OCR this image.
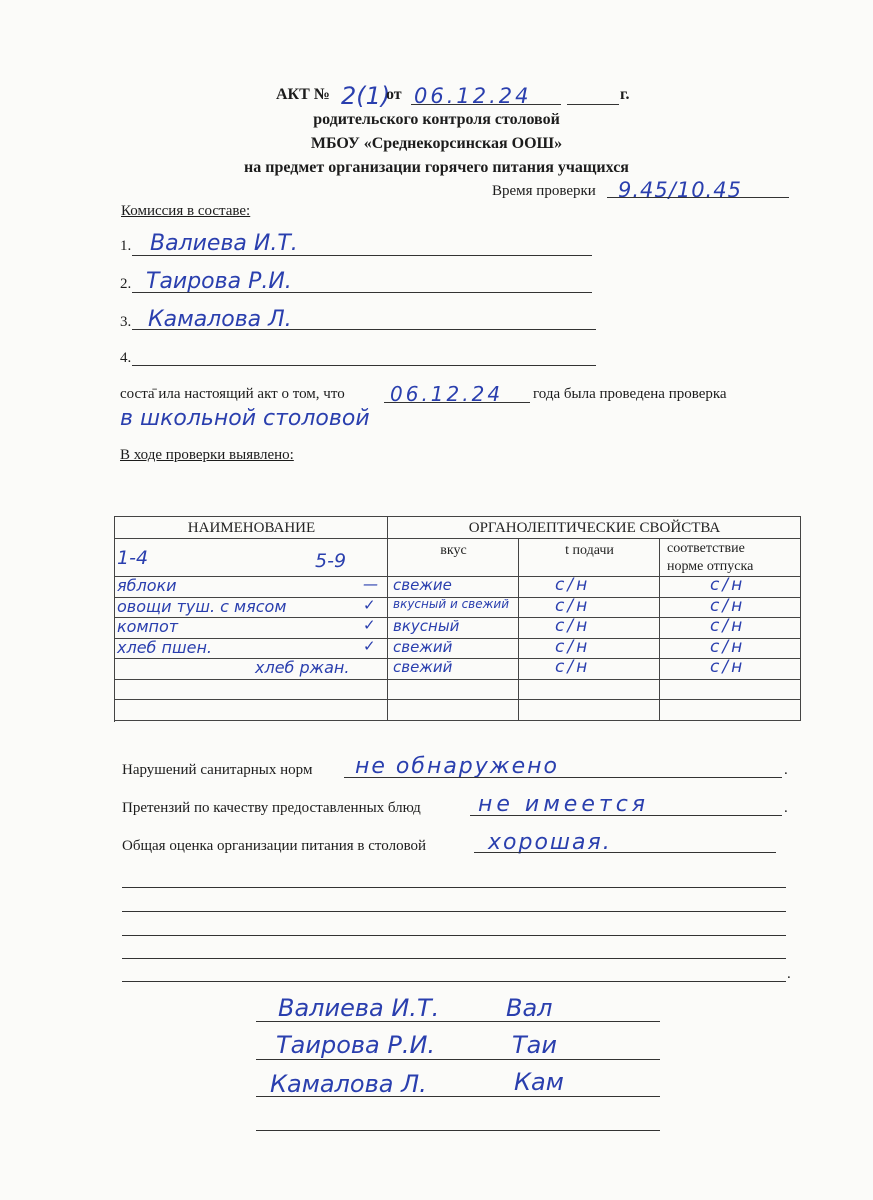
АКТ № 2(1)
от 06.12.24	г.
родительского контроля столовой
МБОУ «Среднекорсинская ООШ»
на предмет организации горячего питания учащихся
Время проверки 9.45/10.45
Комиссия в составе:
1. Валиева И.Т.
2. Таирова Р.И.
3. Камалова Л.
4.
соста̄ ила настоящий акт о том, что 06.12.24 года была проведена проверка
в школьной столовой
В ходе проверки выявлено:
НАИМЕНОВАНИЕ	ОРГАНОЛЕПТИЧЕСКИЕ СВОЙСТВА
вкус	t подачи	соответствие
норме отпуска
1-4	5-9
яблоки	— свежие	с/н	с/н
овощи туш. с мясом	✓ вкусный и свежий	с/н	с/н
компот	✓ вкусный	с/н	с/н
хлеб пшен.	✓ свежий	с/н	с/н
хлеб ржан.	свежий	с/н	с/н
Нарушений санитарных норм не обнаружено	.
Претензий по качеству предоставленных блюд	не имеется	.
Общая оценка организации питания в столовой	хорошая.
.
Валиева И.Т.	Вал
Таирова Р.И.	Таи
Камалова Л.	Кам
